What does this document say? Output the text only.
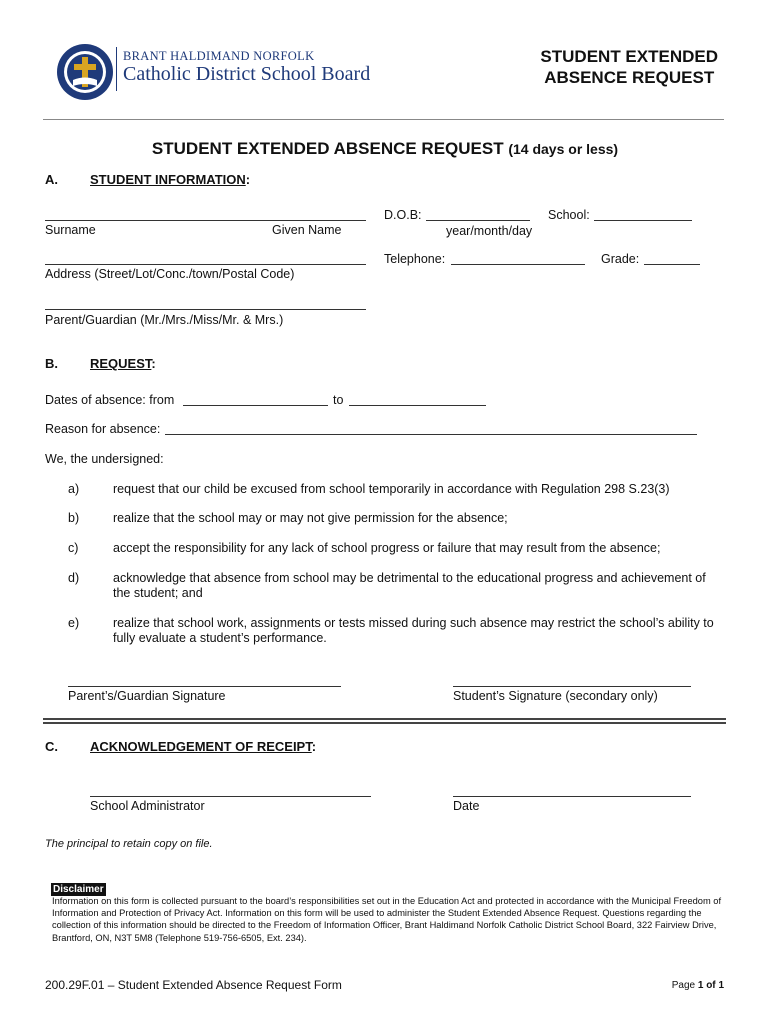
BRANT HALDIMAND NORFOLK
Catholic District School Board
STUDENT EXTENDED
ABSENCE REQUEST
STUDENT EXTENDED ABSENCE REQUEST (14 days or less)
A. STUDENT INFORMATION:
D.O.B:	School:
Surname	Given Name	year/month/day
Telephone:	Grade:
Address (Street/Lot/Conc./town/Postal Code)
Parent/Guardian (Mr./Mrs./Miss/Mr. & Mrs.)
B. REQUEST:
Dates of absence: from	to
Reason for absence:
We, the undersigned:
a)	request that our child be excused from school temporarily in accordance with Regulation 298 S.23(3)
b)	realize that the school may or may not give permission for the absence;
c)	accept the responsibility for any lack of school progress or failure that may result from the absence;
d)	acknowledge that absence from school may be detrimental to the educational progress and achievement of
the student; and
e)	realize that school work, assignments or tests missed during such absence may restrict the school’s ability to
fully evaluate a student’s performance.
Parent’s/Guardian Signature	Student’s Signature (secondary only)
C. ACKNOWLEDGEMENT OF RECEIPT:
School Administrator	Date
The principal to retain copy on file.
Disclaimer
Information on this form is collected pursuant to the board’s responsibilities set out in the Education Act and protected in accordance with the Municipal Freedom of Information and Protection of Privacy Act. Information on this form will be used to administer the Student Extended Absence Request. Questions regarding the collection of this information should be directed to the Freedom of Information Officer, Brant Haldimand Norfolk Catholic District School Board, 322 Fairview Drive, Brantford, ON, N3T 5M8 (Telephone 519-756-6505, Ext. 234).
200.29F.01 – Student Extended Absence Request Form	Page 1 of 1
